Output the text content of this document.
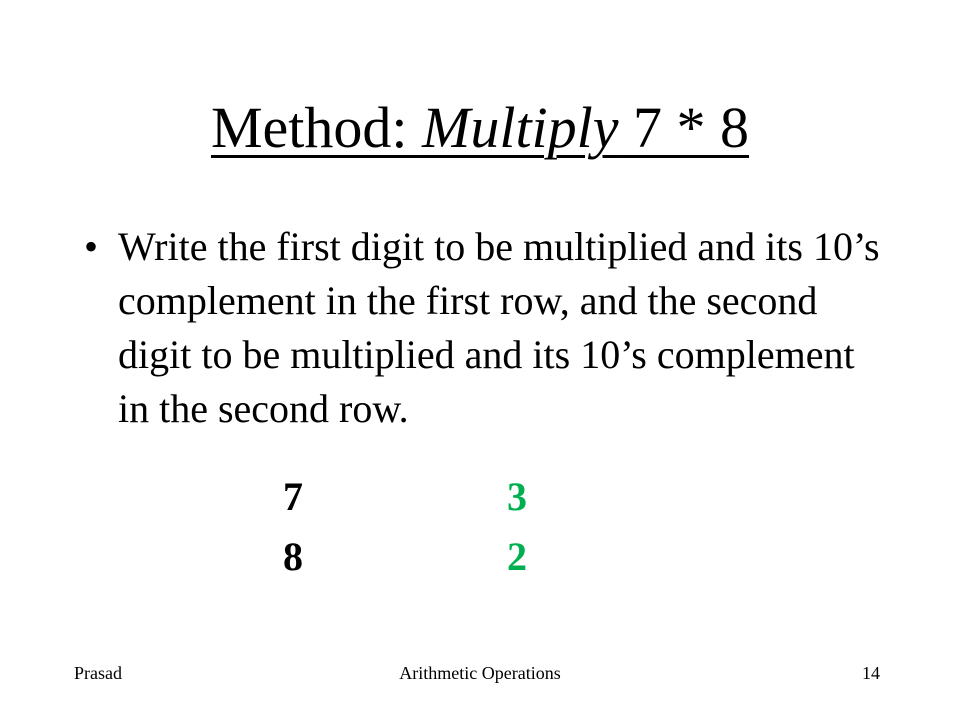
Method: Multiply 7 * 8
• Write the first digit to be multiplied and its 10’s complement in the first row, and the second digit to be multiplied and its 10’s complement in the second row.
7	3
8	2
Prasad	Arithmetic Operations	14
